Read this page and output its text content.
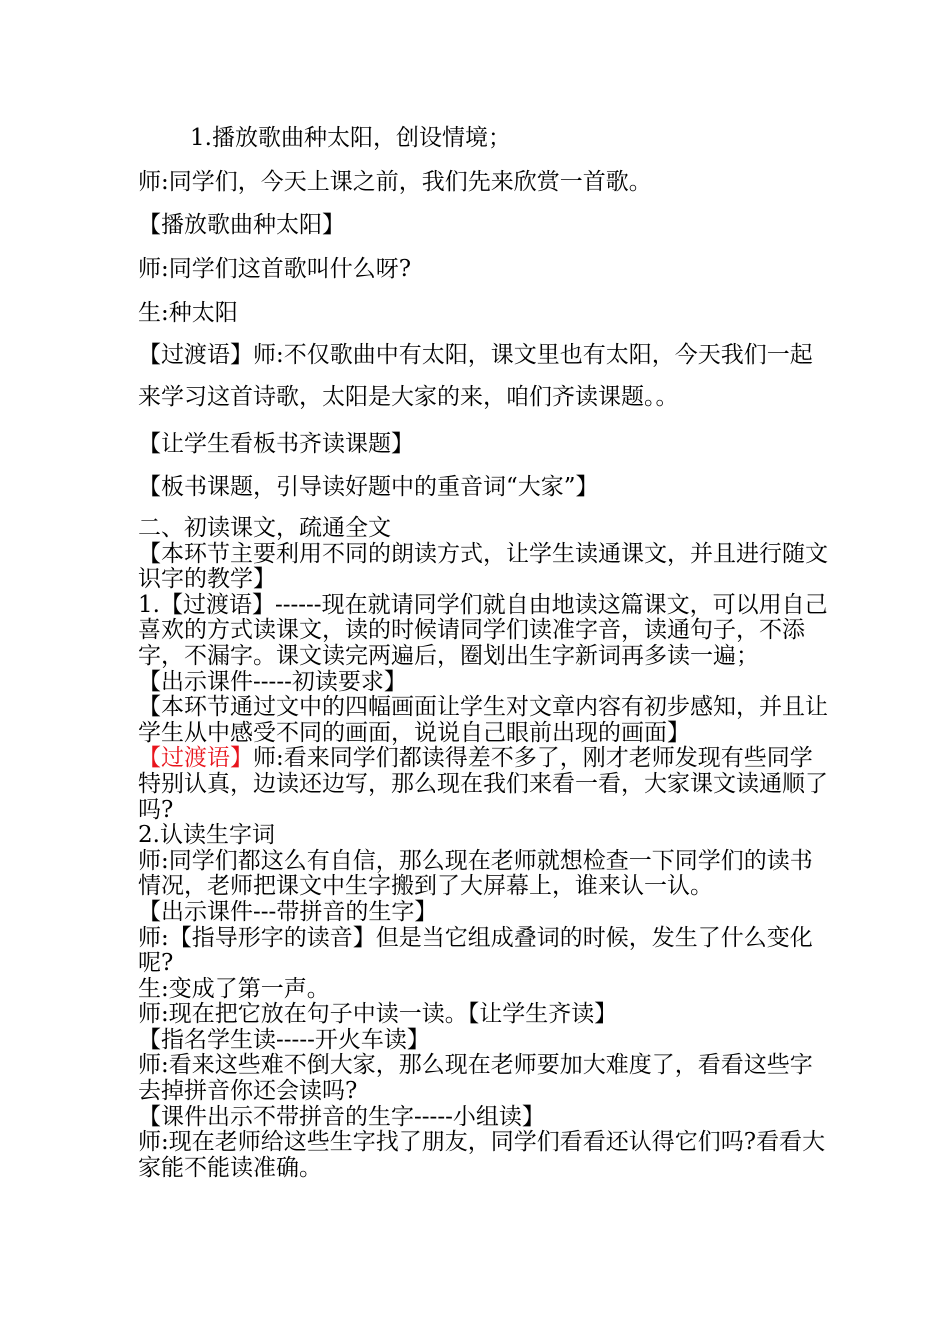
1.播放歌曲种太阳，创设情境；
师:同学们，今天上课之前，我们先来欣赏一首歌。
【播放歌曲种太阳】
师:同学们这首歌叫什么呀?
生:种太阳
【过渡语】师:不仅歌曲中有太阳，课文里也有太阳，今天我们一起来学习这首诗歌，太阳是大家的来，咱们齐读课题。。
【让学生看板书齐读课题】
【板书课题，引导读好题中的重音词“大家”】

二、初读课文，疏通全文

【本环节主要利用不同的朗读方式，让学生读通课文，并且进行随文识字的教学】

1.【过渡语】------现在就请同学们就自由地读这篇课文，可以用自己喜欢的方式读课文，读的时候请同学们读准字音，读通句子，不添字，不漏字。课文读完两遍后，圈划出生字新词再多读一遍；

【出示课件-----初读要求】

【本环节通过文中的四幅画面让学生对文章内容有初步感知，并且让学生从中感受不同的画面，说说自己眼前出现的画面】

【过渡语】师:看来同学们都读得差不多了，刚才老师发现有些同学特别认真，边读还边写，那么现在我们来看一看，大家课文读通顺了吗?

2.认读生字词

师:同学们都这么有自信，那么现在老师就想检查一下同学们的读书情况，老师把课文中生字搬到了大屏幕上，谁来认一认。

【出示课件---带拼音的生字】

师:【指导形字的读音】但是当它组成叠词的时候，发生了什么变化呢?

生:变成了第一声。

师:现在把它放在句子中读一读。【让学生齐读】

【指名学生读-----开火车读】

师:看来这些难不倒大家，那么现在老师要加大难度了，看看这些字去掉拼音你还会读吗?

【课件出示不带拼音的生字-----小组读】

师:现在老师给这些生字找了朋友，同学们看看还认得它们吗?看看大家能不能读准确。
